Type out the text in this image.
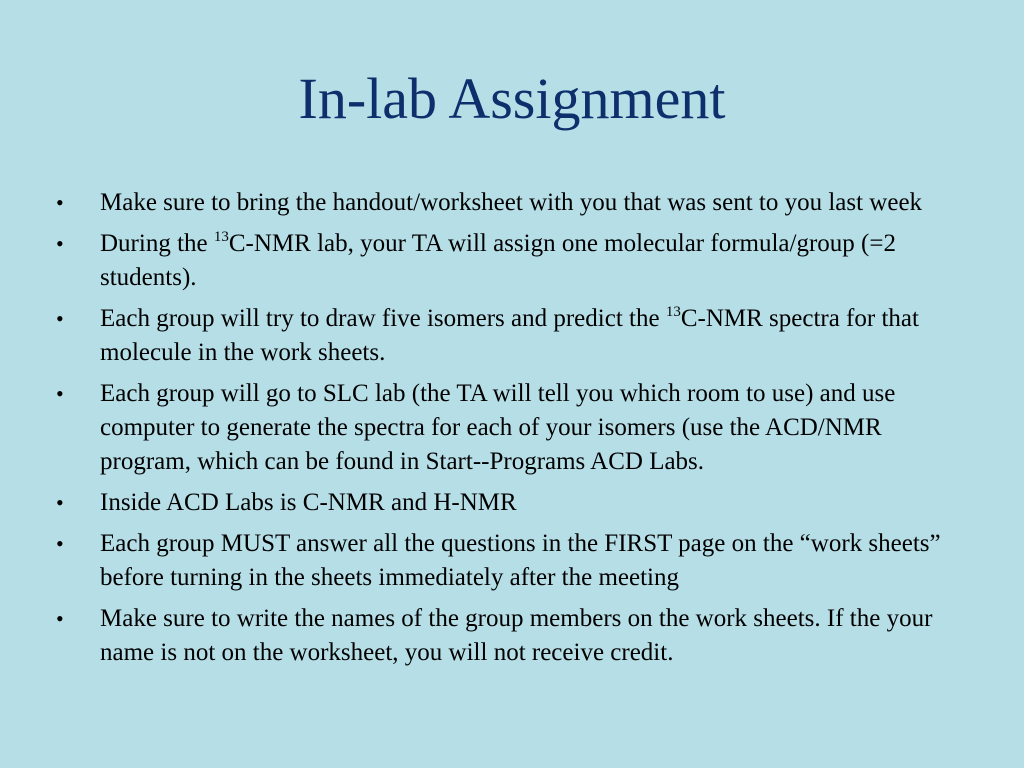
In-lab Assignment
•	Make sure to bring the handout/worksheet with you that was sent to you last week
•	During the $^{13}$C-NMR lab, your TA will assign one molecular formula/group (=2 students).
•	Each group will try to draw five isomers and predict the $^{13}$C-NMR spectra for that molecule in the work sheets.
•	Each group will go to SLC lab (the TA will tell you which room to use) and use computer to generate the spectra for each of your isomers (use the ACD/NMR program, which can be found in Start--Programs ACD Labs.
•	Inside ACD Labs is C-NMR and H-NMR
•	Each group MUST answer all the questions in the FIRST page on the “work sheets” before turning in the sheets immediately after the meeting
•	Make sure to write the names of the group members on the work sheets. If the your name is not on the worksheet, you will not receive credit.
